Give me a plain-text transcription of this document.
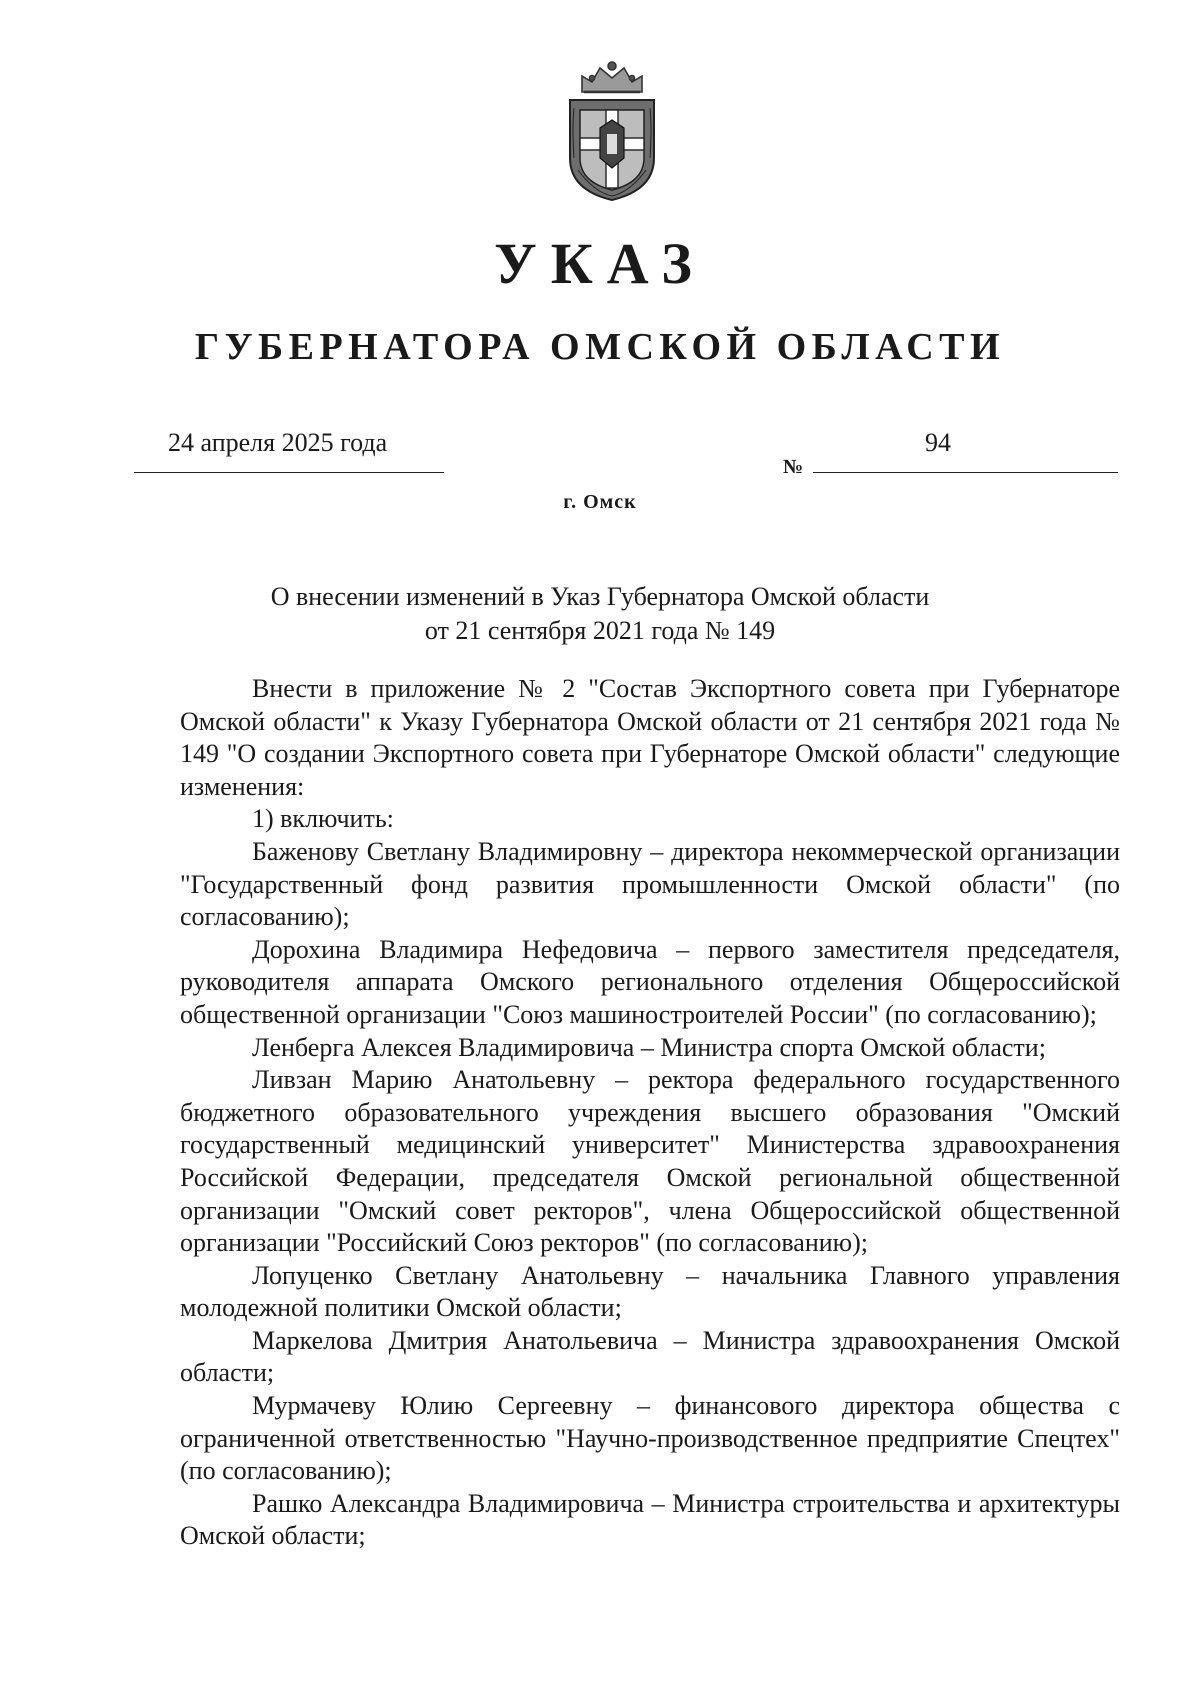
УКАЗ
ГУБЕРНАТОРА ОМСКОЙ ОБЛАСТИ
24 апреля 2025 года
№
94
г. Омск
О внесении изменений в Указ Губернатора Омской области
от 21 сентября 2021 года № 149

Внести в приложение № 2 "Состав Экспортного совета при Губернаторе Омской области" к Указу Губернатора Омской области от 21 сентября 2021 года № 149 "О создании Экспортного совета при Губернаторе Омской области" следующие изменения:

1) включить:

Баженову Светлану Владимировну – директора некоммерческой организации "Государственный фонд развития промышленности Омской области" (по согласованию);

Дорохина Владимира Нефедовича – первого заместителя председателя, руководителя аппарата Омского регионального отделения Общероссийской общественной организации "Союз машиностроителей России" (по согласованию);

Ленберга Алексея Владимировича – Министра спорта Омской области;

Ливзан Марию Анатольевну – ректора федерального государственного бюджетного образовательного учреждения высшего образования "Омский государственный медицинский университет" Министерства здравоохранения Российской Федерации, председателя Омской региональной общественной организации "Омский совет ректоров", члена Общероссийской общественной организации "Российский Союз ректоров" (по согласованию);

Лопуценко Светлану Анатольевну – начальника Главного управления молодежной политики Омской области;

Маркелова Дмитрия Анатольевича – Министра здравоохранения Омской области;

Мурмачеву Юлию Сергеевну – финансового директора общества с ограниченной ответственностью "Научно-производственное предприятие Спецтех" (по согласованию);

Рашко Александра Владимировича – Министра строительства и архитектуры Омской области;
